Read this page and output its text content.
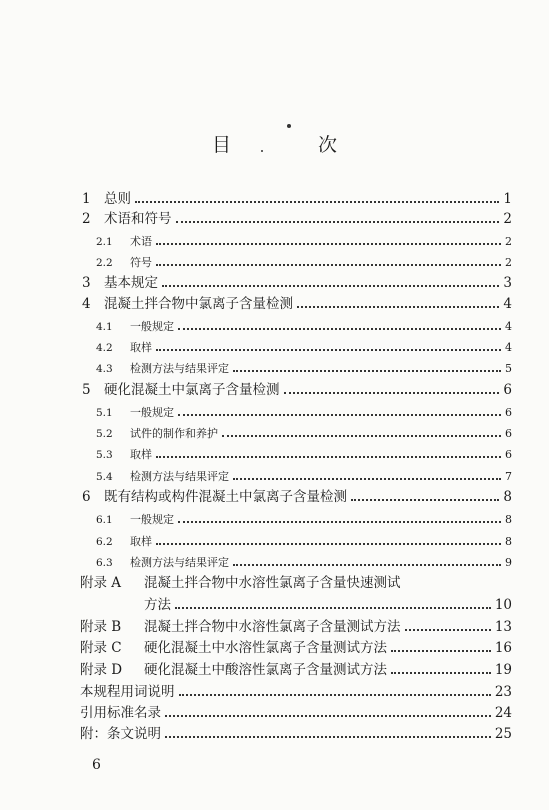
目　次
1 总则	1
2 术语和符号	2
2.1	术语	2
2.2	符号	2
3 基本规定	3
4 混凝土拌合物中氯离子含量检测	4
4.1	一般规定	4
4.2	取样	4
4.3	检测方法与结果评定	5
5 硬化混凝土中氯离子含量检测	6
5.1	一般规定	6
5.2	试件的制作和养护	6
5.3	取样	6
5.4	检测方法与结果评定	7
6 既有结构或构件混凝土中氯离子含量检测	8
6.1	一般规定	8
6.2	取样	8
6.3	检测方法与结果评定	9
附录 A	混凝土拌合物中水溶性氯离子含量快速测试
方法	10
附录 B	混凝土拌合物中水溶性氯离子含量测试方法	13
附录 C	硬化混凝土中水溶性氯离子含量测试方法	16
附录 D	硬化混凝土中酸溶性氯离子含量测试方法	19
本规程用词说明	23
引用标准名录	24
附：条文说明	25
6
